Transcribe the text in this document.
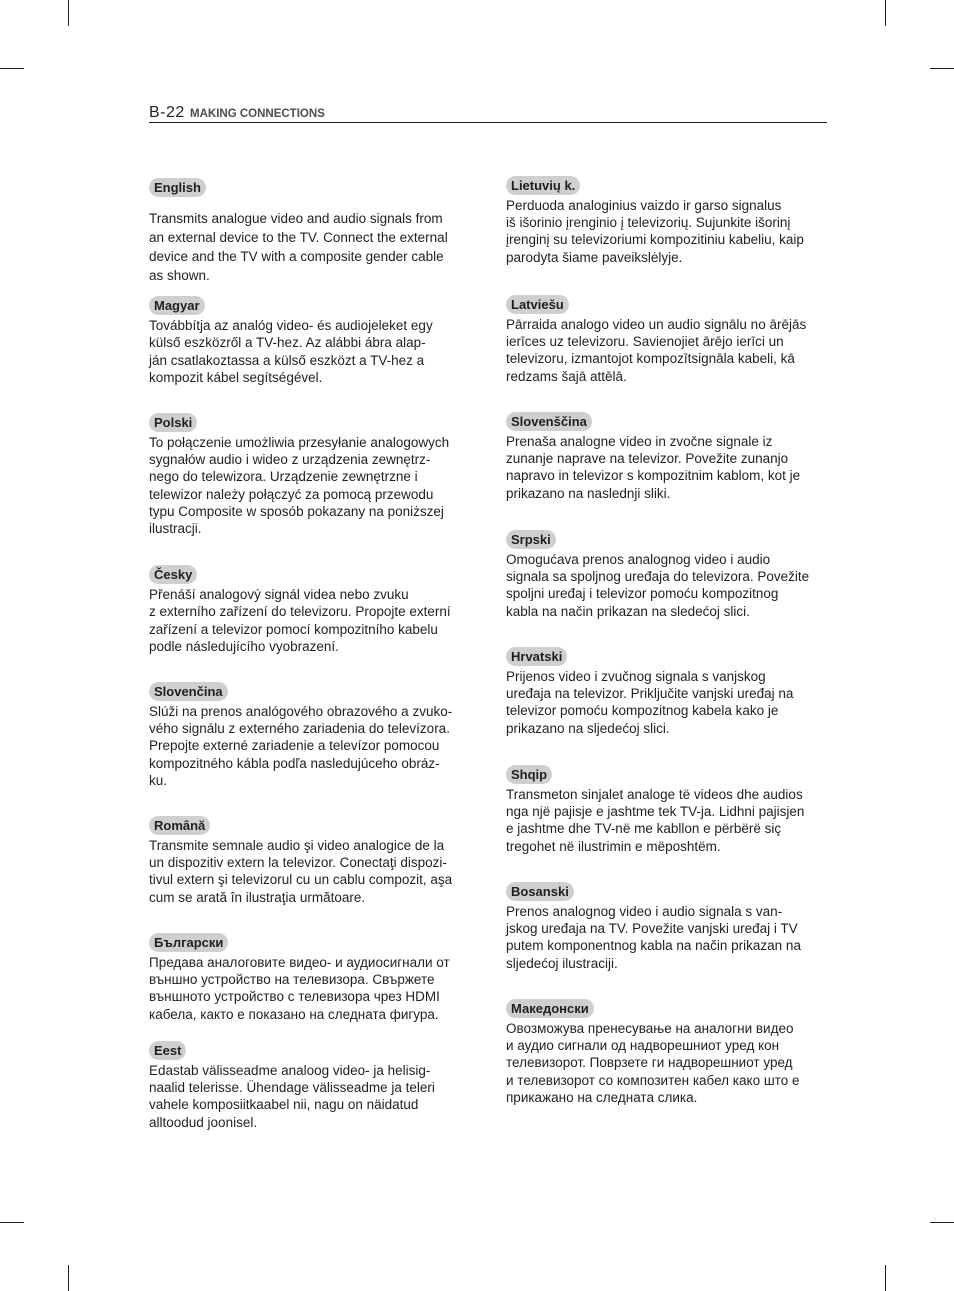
B-22 MAKING CONNECTIONS
English
Transmits analogue video and audio signals from
an external device to the TV. Connect the external
device and the TV with a composite gender cable
as shown.
Magyar
Továbbítja az analóg video- és audiojeleket egy
külső eszközről a TV-hez. Az alábbi ábra alap-
ján csatlakoztassa a külső eszközt a TV-hez a
kompozit kábel segítségével.
Polski
To połączenie umożliwia przesyłanie analogowych
sygnałów audio i wideo z urządzenia zewnętrz-
nego do telewizora. Urządzenie zewnętrzne i
telewizor należy połączyć za pomocą przewodu
typu Composite w sposób pokazany na poniższej
ilustracji.
Česky
Přenáší analogový signál videa nebo zvuku
z externího zařízení do televizoru. Propojte externí
zařízení a televizor pomocí kompozitního kabelu
podle následujícího vyobrazení.
Slovenčina
Slúži na prenos analógového obrazového a zvuko-
vého signálu z externého zariadenia do televízora.
Prepojte externé zariadenie a televízor pomocou
kompozitného kábla podľa nasledujúceho obráz-
ku.
Română
Transmite semnale audio şi video analogice de la
un dispozitiv extern la televizor. Conectaţi dispozi-
tivul extern şi televizorul cu un cablu compozit, aşa
cum se arată în ilustraţia următoare.
Български
Предава аналоговите видео- и аудиосигнали от
външно устройство на телевизора. Свържете
външното устройство с телевизора чрез HDMI
кабела, както е показано на следната фигура.
Eest
Edastab välisseadme analoog video- ja helisig-
naalid telerisse. Ühendage välisseadme ja teleri
vahele komposiitkaabel nii, nagu on näidatud
alltoodud joonisel.
Lietuvių k.
Perduoda analoginius vaizdo ir garso signalus
iš išorinio įrenginio į televizorių. Sujunkite išorinį
įrenginį su televizoriumi kompozitiniu kabeliu, kaip
parodyta šiame paveikslėlyje.
Latviešu
Pārraida analogo video un audio signālu no ārējās
ierīces uz televizoru. Savienojiet ārējo ierīci un
televizoru, izmantojot kompozītsignāla kabeli, kā
redzams šajā attēlā.
Slovenščina
Prenaša analogne video in zvočne signale iz
zunanje naprave na televizor. Povežite zunanjo
napravo in televizor s kompozitnim kablom, kot je
prikazano na naslednji sliki.
Srpski
Omogućava prenos analognog video i audio
signala sa spoljnog uređaja do televizora. Povežite
spoljni uređaj i televizor pomoću kompozitnog
kabla na način prikazan na sledećoj slici.
Hrvatski
Prijenos video i zvučnog signala s vanjskog
uređaja na televizor. Priključite vanjski uređaj na
televizor pomoću kompozitnog kabela kako je
prikazano na sljedećoj slici.
Shqip
Transmeton sinjalet analoge të videos dhe audios
nga një pajisje e jashtme tek TV-ja. Lidhni pajisjen
e jashtme dhe TV-në me kabllon e përbërë siç
tregohet në ilustrimin e mëposhtëm.
Bosanski
Prenos analognog video i audio signala s van-
jskog uređaja na TV. Povežite vanjski uređaj i TV
putem komponentnog kabla na način prikazan na
sljedećoj ilustraciji.
Македонски
Овозможува пренесување на аналогни видео
и аудио сигнали од надворешниот уред кон
телевизорот. Поврзете ги надворешниот уред
и телевизорот со композитен кабел како што е
прикажано на следната слика.
